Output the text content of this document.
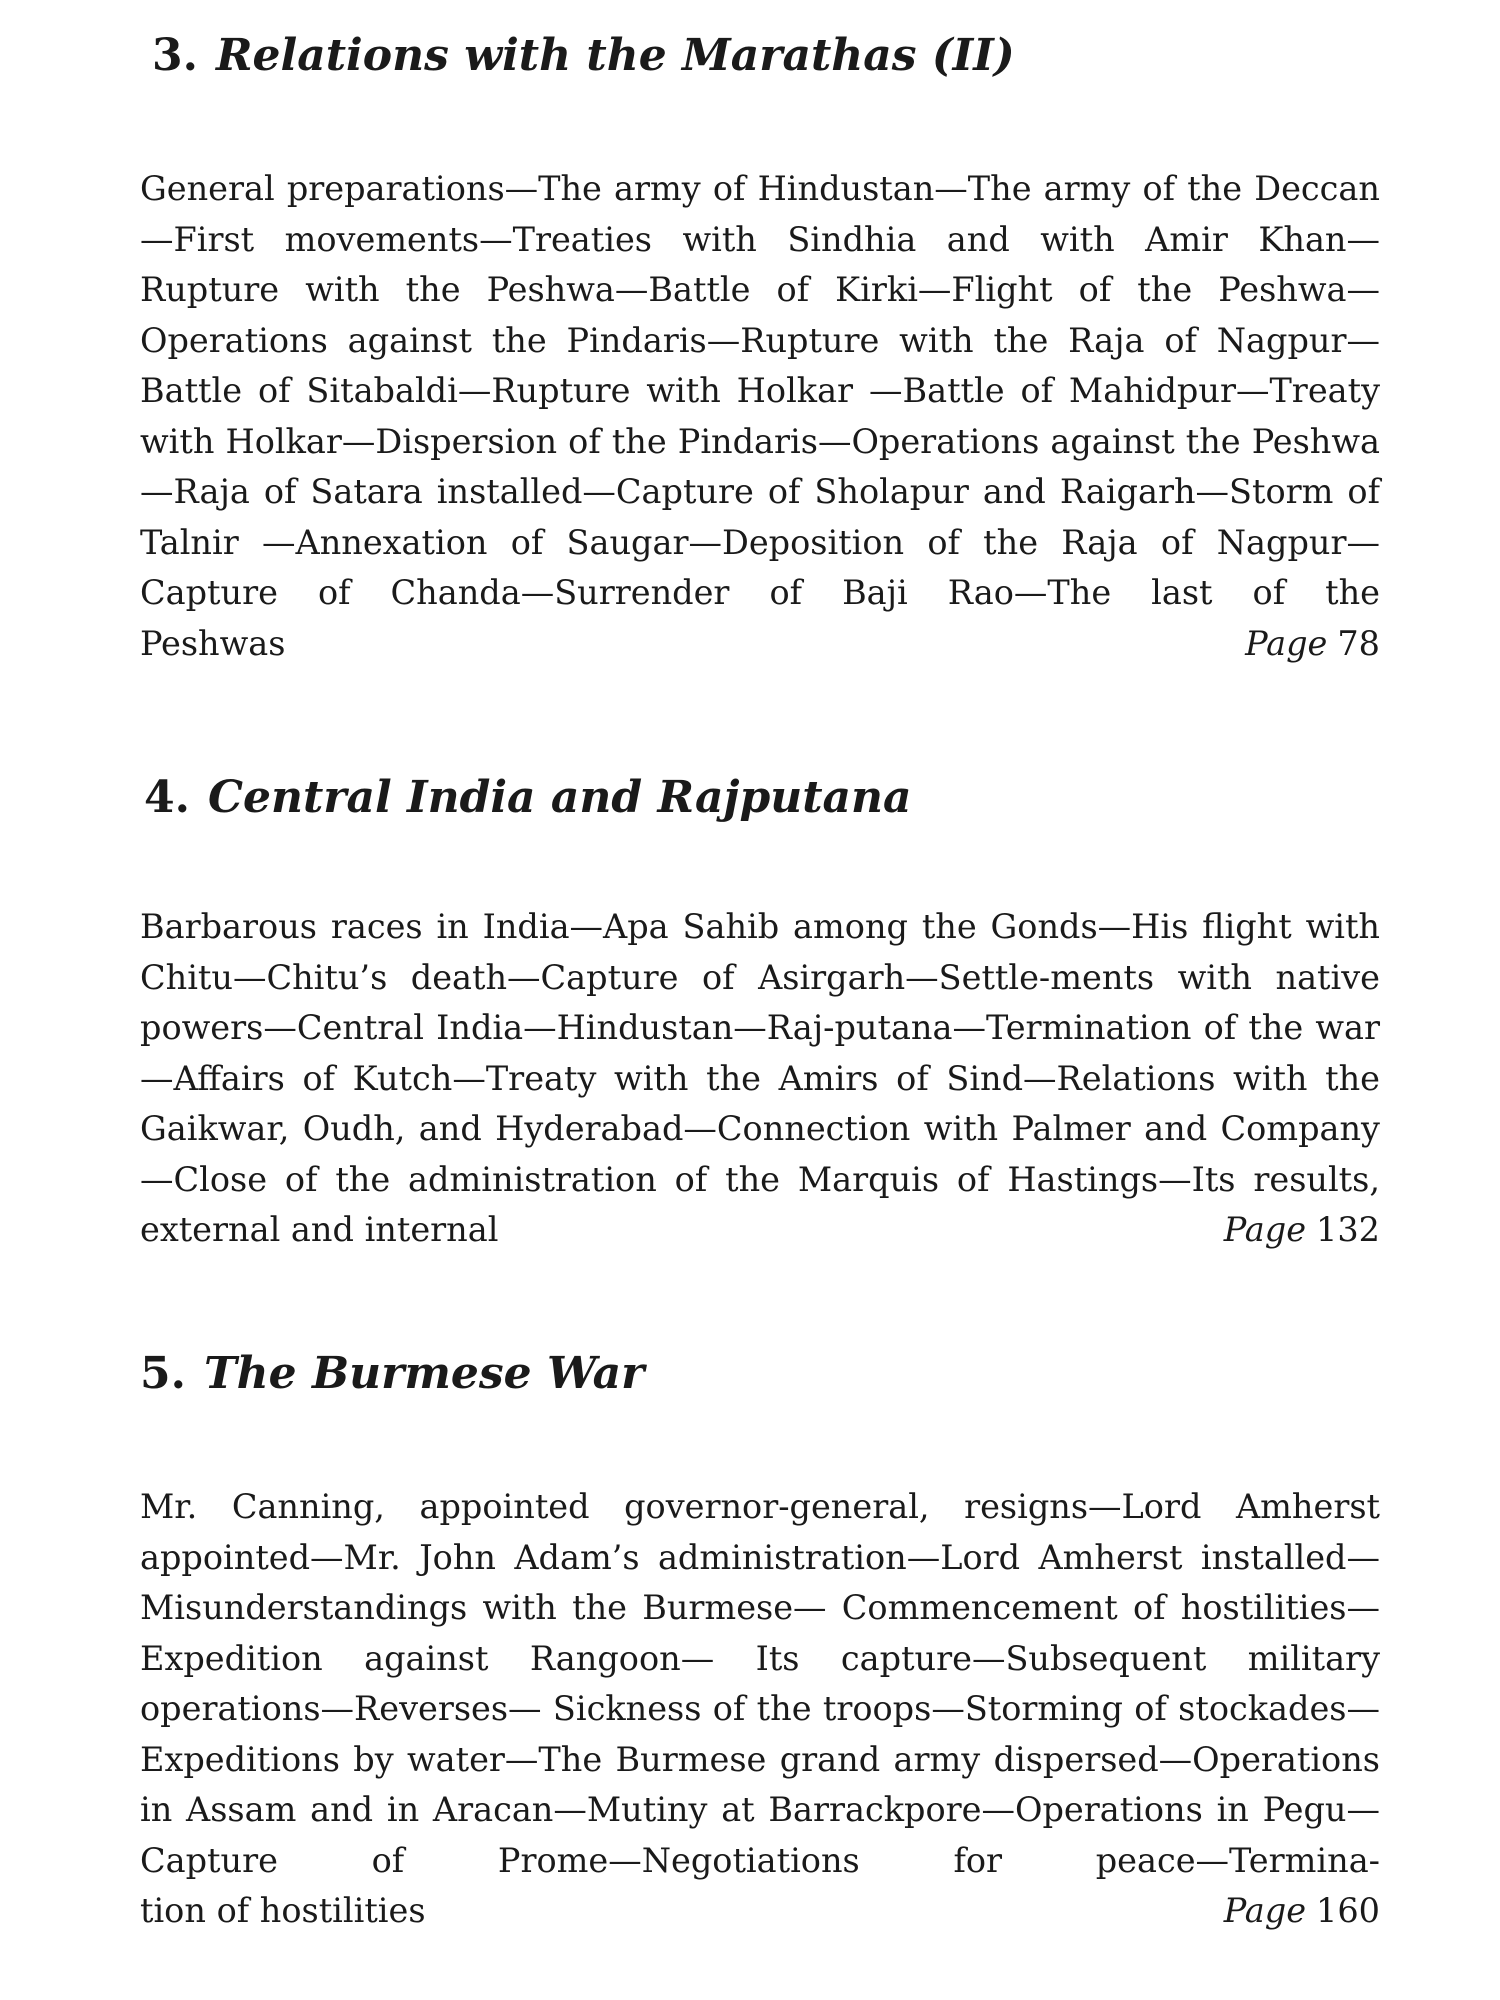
3. Relations with the Marathas (II)

General preparations—The army of Hindustan—The army of the Deccan—First movements—Treaties with Sindhia and with Amir Khan—Rupture with the Peshwa—Battle of Kirki—Flight of the Peshwa—Operations against the Pindaris—Rupture with the Raja of Nagpur—Battle of Sitabaldi—Rupture with Holkar —Battle of Mahidpur—Treaty with Holkar—Dispersion of the Pindaris—Operations against the Peshwa—Raja of Satara installed—Capture of Sholapur and Raigarh—Storm of Talnir —Annexation of Saugar—Deposition of the Raja of Nagpur— Capture of Chanda—Surrender of Baji Rao—The last of the

Peshwas	Page 78
4. Central India and Rajputana

Barbarous races in India—Apa Sahib among the Gonds—His flight with Chitu—Chitu’s death—Capture of Asirgarh—Settle-ments with native powers—Central India—Hindustan—Raj-putana—Termination of the war—Affairs of Kutch—Treaty with the Amirs of Sind—Relations with the Gaikwar, Oudh, and Hyderabad—Connection with Palmer and Company—Close of the administration of the Marquis of Hastings—Its results,

external and internal	Page 132
5. The Burmese War

Mr. Canning, appointed governor-general, resigns—Lord Amherst appointed—Mr. John Adam’s administration—Lord Amherst installed—Misunderstandings with the Burmese— Commencement of hostilities—Expedition against Rangoon— Its capture—Subsequent military operations—Reverses— Sickness of the troops—Storming of stockades—Expeditions by water—The Burmese grand army dispersed—Operations in Assam and in Aracan—Mutiny at Barrackpore—Operations in Pegu—Capture of Prome—Negotiations for peace—Termina-

tion of hostilities	Page 160
